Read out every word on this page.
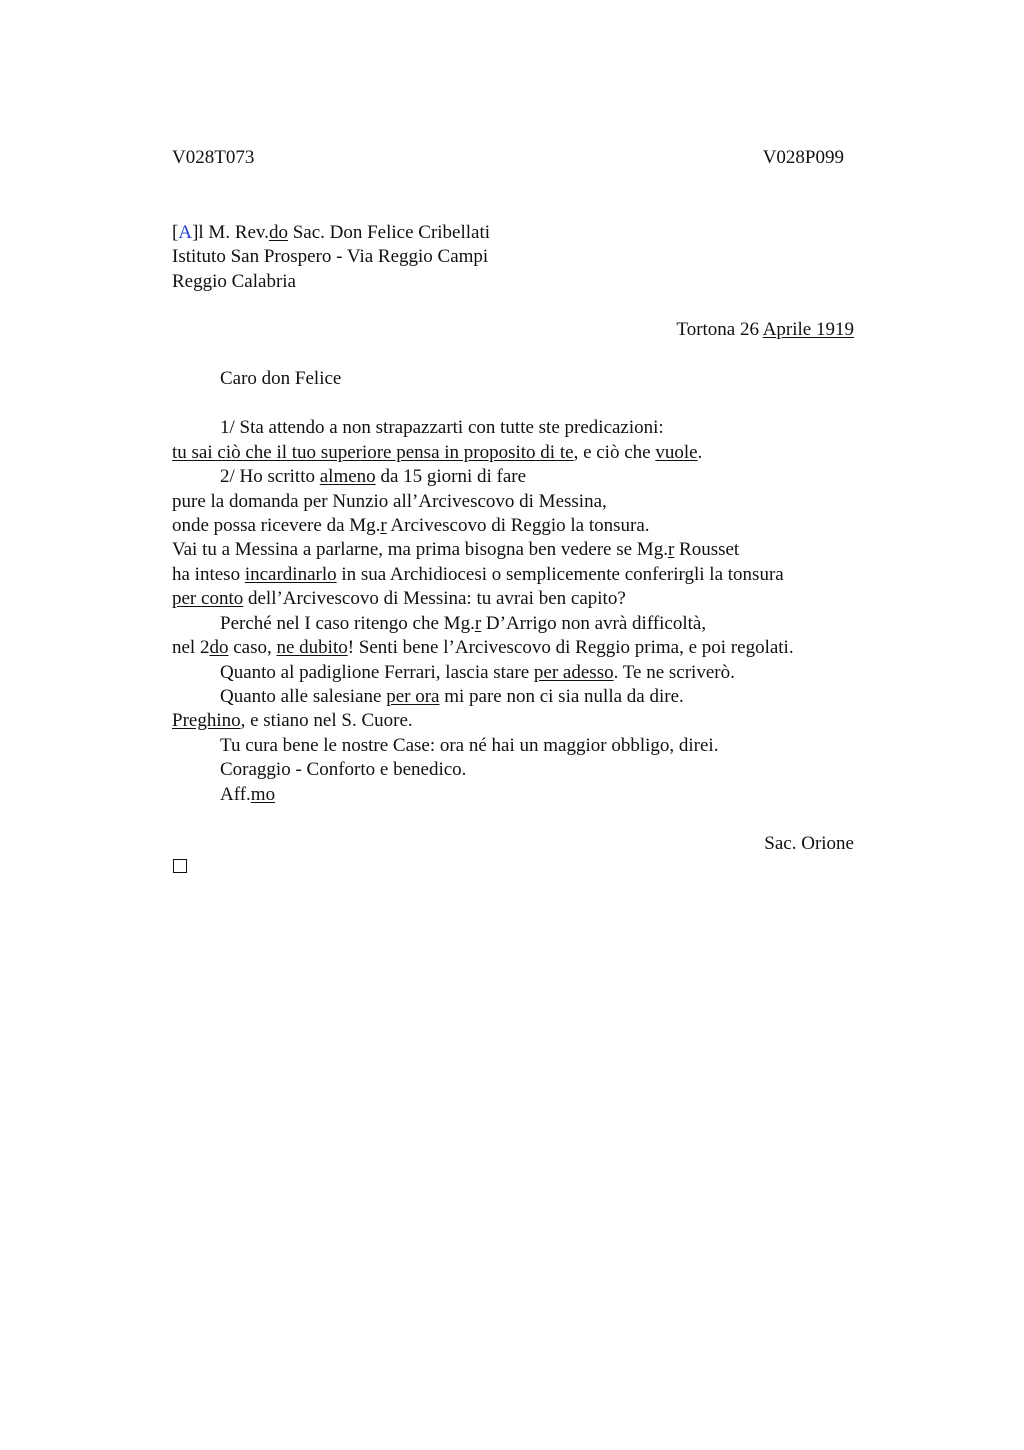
V028T073	V028P099
[A]l M. Rev.do Sac. Don Felice Cribellati
Istituto San Prospero - Via Reggio Campi
Reggio Calabria
Tortona 26 Aprile 1919
Caro don Felice
1/ Sta attendo a non strapazzarti con tutte ste predicazioni:
tu sai ciò che il tuo superiore pensa in proposito di te, e ciò che vuole.
2/ Ho scritto almeno da 15 giorni di fare
pure la domanda per Nunzio all’Arcivescovo di Messina,
onde possa ricevere da Mg.r Arcivescovo di Reggio la tonsura.
Vai tu a Messina a parlarne, ma prima bisogna ben vedere se Mg.r Rousset
ha inteso incardinarlo in sua Archidiocesi o semplicemente conferirgli la tonsura
per conto dell’Arcivescovo di Messina: tu avrai ben capito?
Perché nel I caso ritengo che Mg.r D’Arrigo non avrà difficoltà,
nel 2do caso, ne dubito! Senti bene l’Arcivescovo di Reggio prima, e poi regolati.
Quanto al padiglione Ferrari, lascia stare per adesso. Te ne scriverò.
Quanto alle salesiane per ora mi pare non ci sia nulla da dire.
Preghino, e stiano nel S. Cuore.
Tu cura bene le nostre Case: ora né hai un maggior obbligo, direi.
Coraggio - Conforto e benedico.
Aff.mo
Sac. Orione
